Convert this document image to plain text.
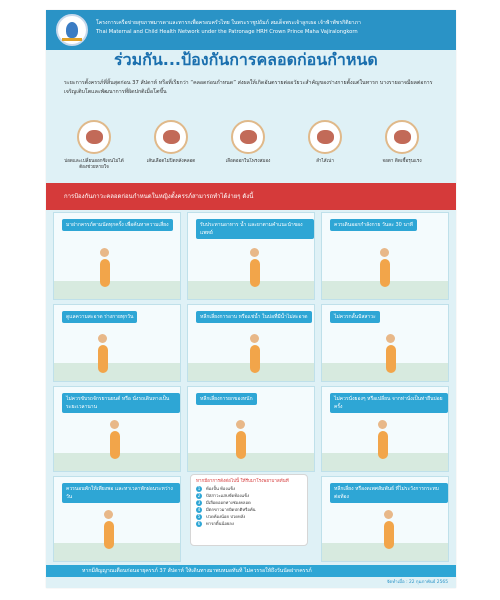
โครงการเครือข่ายสุขภาพมารดาและทารกเพื่อครอบครัวไทย ในพระราชูปถัมภ์ สมเด็จพระเจ้าลูกเธอ เจ้าฟ้าพัชรกิติยาภา
Thai Maternal and Child Health Network under the Patronage HRH Crown Prince Maha Vajiralongkorn
ร่วมกัน...ป้องกันการคลอดก่อนกำหนด
ระยะการตั้งครรภ์ที่สิ้นสุดก่อน 37 สัปดาห์ หรือที่เรียกว่า “คลอดก่อนกำหนด” ส่งผลให้เกิดอันตรายต่ออวัยวะสำคัญของร่างกายตั้งแต่ในทารก บางรายอาจมีผลต่อการเจริญเติบโตและพัฒนาการที่ผิดปกติเมื่อโตขึ้น
ปอดและเปลี่ยนออกซิเจนไม่ได้ ต้องช่วยหายใจ
เส้นเลือดไม่ปิดหลังคลอด	เลือดออกในโพรงสมอง	ลำไส้เน่า	จอตา ติดเชื้อรุนแรง
การป้องกันภาวะคลอดก่อนกำหนดในหญิงตั้งครรภ์สามารถทำได้ง่ายๆ ดังนี้
มาฝากครรภ์ตามนัดทุกครั้ง เพื่อค้นหาความเสี่ยง	รับประทานอาหาร น้ำ และยาตามคำแนะนำของแพทย์
ควรเดินออกกำลังกาย วันละ 30 นาที
ดูแลความสะอาด ร่างกายทุกวัน	หลีกเลี่ยงการอาบ หรือแช่น้ำ ในบ่อที่มีน้ำไม่สะอาด	ไม่ควรกลั้นปัสสาวะ
ไม่ควรขับรถจักรยานยนต์ หรือ นั่งรถเดินทางเป็นระยะเวลานาน
หลีกเลี่ยงการยกของหนัก	ไม่ควรนั่งยองๆ หรือเปลี่ยน จากท่านั่งเป็นท่ายืนบ่อยครั้ง
ควรนอนพักให้เพียงพอ และหาเวลาพักผ่อนระหว่างวัน
หลีกเลี่ยง หรืองดเพศสัมพันธ์ ที่ไม่ระวังการกระทบต่อท้อง
หากมีอาการดังต่อไปนี้ ให้รีบมาโรงพยาบาลทันที
1	ท้องปั้น ท้องแข็ง
2	ปัสสาวะแสบขัดท้องแข็ง
3	มีเลือดออกทางช่องคลอด
4	มีตกขาวมากผิดปกติหรือคัน
5	ปวดท้องน้อย ปวดหลัง
6	ทารกดิ้นน้อยลง
หากมีสัญญาณเตือนก่อนอายุครรภ์ 37 สัปดาห์ ให้เดินทางมาพบหมอทันที ไม่ควรรอให้ถึงวันนัดฝากครรภ์
จัดทำเมื่อ : 22 กุมภาพันธ์ 2565
